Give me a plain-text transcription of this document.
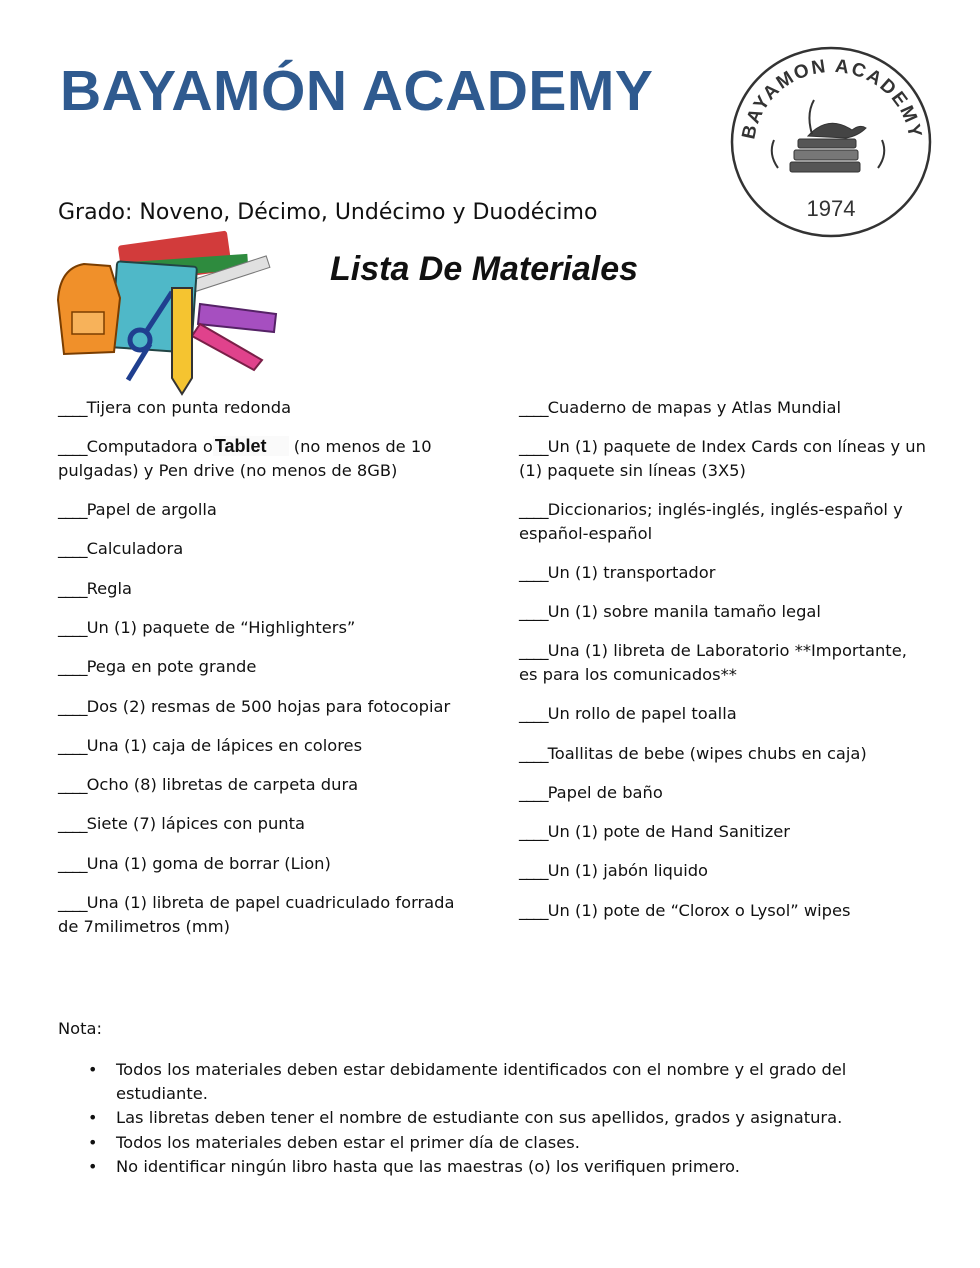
BAYAMÓN ACADEMY
BAYAMON ACADEMY
1974

Grado: Noveno, Décimo, Undécimo y Duodécimo

Lista De Materiales

____Tijera con punta redonda
____Computadora o Tablet (no menos de 10 pulgadas) y Pen drive (no menos de 8GB)
____Papel de argolla
____Calculadora
____Regla
____Un (1) paquete de “Highlighters”
____Pega en pote grande
____Dos (2) resmas de 500 hojas para fotocopiar
____Una (1) caja de lápices en colores
____Ocho (8) libretas de carpeta dura
____Siete (7) lápices con punta
____Una (1) goma de borrar (Lion)
____Una (1) libreta de papel cuadriculado forrada de 7milimetros (mm)
____Cuaderno de mapas y Atlas Mundial
____Un (1) paquete de Index Cards con líneas y un (1) paquete sin líneas (3X5)
____Diccionarios; inglés-inglés, inglés-español y español-español
____Un (1) transportador
____Un (1) sobre manila tamaño legal
____Una (1) libreta de Laboratorio **Importante, es para los comunicados**
____Un rollo de papel toalla
____Toallitas de bebe (wipes chubs en caja)
____Papel de baño
____Un (1) pote de Hand Sanitizer
____Un (1) jabón liquido
____Un (1) pote de “Clorox o Lysol” wipes

Nota:

• Todos los materiales deben estar debidamente identificados con el nombre y el grado del estudiante.
• Las libretas deben tener el nombre de estudiante con sus apellidos, grados y asignatura.
• Todos los materiales deben estar el primer día de clases.
• No identificar ningún libro hasta que las maestras (o) los verifiquen primero.
